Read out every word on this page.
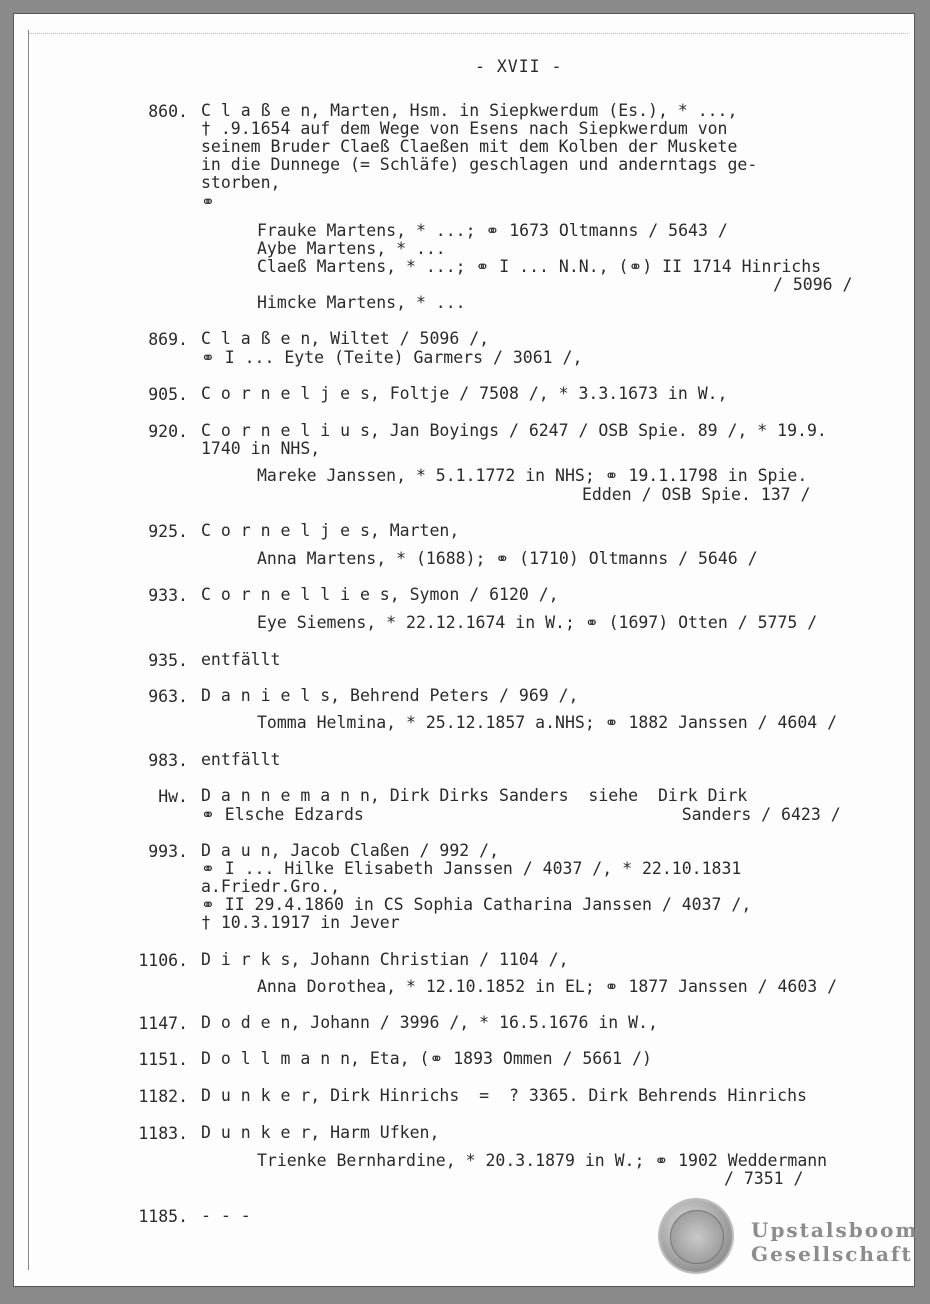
- XVII -
860. C l a ß e n, Marten, Hsm. in Siepkwerdum (Es.), * ...,
† .9.1654 auf dem Wege von Esens nach Siepkwerdum von
seinem Bruder Claeß Claeßen mit dem Kolben der Muskete
in die Dunnege (= Schläfe) geschlagen und anderntags ge-
storben,
⚭
Frauke Martens, * ...; ⚭ 1673 Oltmanns / 5643 /
Aybe Martens, * ...
Claeß Martens, * ...; ⚭ I ... N.N., (⚭) II 1714 Hinrichs
/ 5096 /
Himcke Martens, * ...
869. C l a ß e n, Wiltet / 5096 /,
⚭ I ... Eyte (Teite) Garmers / 3061 /,
905. C o r n e l j e s, Foltje / 7508 /, * 3.3.1673 in W.,
920. C o r n e l i u s, Jan Boyings / 6247 / OSB Spie. 89 /, * 19.9.
1740 in NHS,
Mareke Janssen, * 5.1.1772 in NHS; ⚭ 19.1.1798 in Spie.
Edden / OSB Spie. 137 /
925. C o r n e l j e s, Marten,
Anna Martens, * (1688); ⚭ (1710) Oltmanns / 5646 /
933. C o r n e l l i e s, Symon / 6120 /,
Eye Siemens, * 22.12.1674 in W.; ⚭ (1697) Otten / 5775 /
935. entfällt
963. D a n i e l s, Behrend Peters / 969 /,
Tomma Helmina, * 25.12.1857 a.NHS; ⚭ 1882 Janssen / 4604 /
983. entfällt
Hw. D a n n e m a n n, Dirk Dirks Sanders  siehe  Dirk Dirk
⚭ Elsche Edzards                                Sanders / 6423 /
993. D a u n, Jacob Claßen / 992 /,
⚭ I ... Hilke Elisabeth Janssen / 4037 /, * 22.10.1831
a.Friedr.Gro.,
⚭ II 29.4.1860 in CS Sophia Catharina Janssen / 4037 /,
† 10.3.1917 in Jever
1106. D i r k s, Johann Christian / 1104 /,
Anna Dorothea, * 12.10.1852 in EL; ⚭ 1877 Janssen / 4603 /
1147. D o d e n, Johann / 3996 /, * 16.5.1676 in W.,
1151. D o l l m a n n, Eta, (⚭ 1893 Ommen / 5661 /)
1182. D u n k e r, Dirk Hinrichs  =  ? 3365. Dirk Behrends Hinrichs
1183. D u n k e r, Harm Ufken,
Trienke Bernhardine, * 20.3.1879 in W.; ⚭ 1902 Weddermann
/ 7351 /
1185. - - -
Upstalsboom
Gesellschaft
